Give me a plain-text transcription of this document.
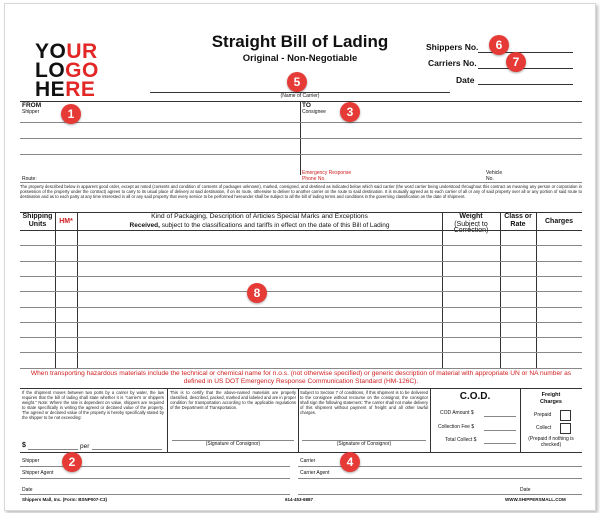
YOUR
LOGO
HERE
Straight Bill of Lading
Original - Non-Negotiable
(Name of Carrier)
Shippers No.
Carriers No.
Date
FROM
Shipper
TO
Consignee
Emergency Response
Phone No.
Vehicle
No.
Route:
The property described below in apparent good order, except as noted (contents and condition of contents of packages unknown), marked, consigned, and destined as indicated below which said carrier (the word carrier being understood throughout this contract as meaning any person or corporation in possession of the property under the contract) agrees to carry to its usual place of delivery at said destination, if on its route, otherwise to deliver to another carrier on the route to said destination. It is mutually agreed as to each carrier of all or any of said property over all or any portion of said route to destination and as to each party at any time interested in all or any said property that every service to be performed hereunder shall be subject to all the bill of lading terms and conditions in the governing classification on the date of shipment.
Shipping Units	HM*
Kind of Packaging, Description of Articles Special Marks and Exceptions
Received, subject to the classifications and tariffs in effect on the date of this Bill of Lading
Weight
(Subject to Correction)
Class or Rate	Charges
When transporting hazardous materials include the technical or chemical name for n.o.s. (not otherwise specified) or generic description of material with appropriate UN or NA number as defined in US DOT Emergency Response Communication Standard (HM-126C).
If the shipment moves between two ports by a carrier by water, the law requires that the bill of lading shall state whether it is "carrier's or shippers weight." Note: Where the rate is dependent on value, shippers are required to state specifically in writing the agreed or declared value of the property. The agreed or declared value of the property is hereby specifically stated by the shipper to be not exceeding:
$	per
This is to certify that the above-named materials are properly classified, described, packed, marked and labeled and are in proper condition for transportation according to the applicable regulations of the Department of Transportation.
(Signature of Consignor)
Subject to Section 7 of conditions, if this shipment is to be delivered to the consignee without recourse on the consignor, the consignor shall sign the following statement: The carrier shall not make delivery of this shipment without payment of freight and all other lawful charges.
(Signature of Consignor)
C.O.D.
COD Amount $
Collection Fee $
Total Collect $
Freight
Charges
Prepaid
Collect
(Prepaid if nothing is checked)
Shipper
Shipper Agent
Date
Carrier
Carrier Agent
Date
Shippers Mall, Inc. (Form: BSNP007-C3)	614-453-6887	WWW.SHIPPERSMALL.COM
1
2
3
4
5
6
7
8
